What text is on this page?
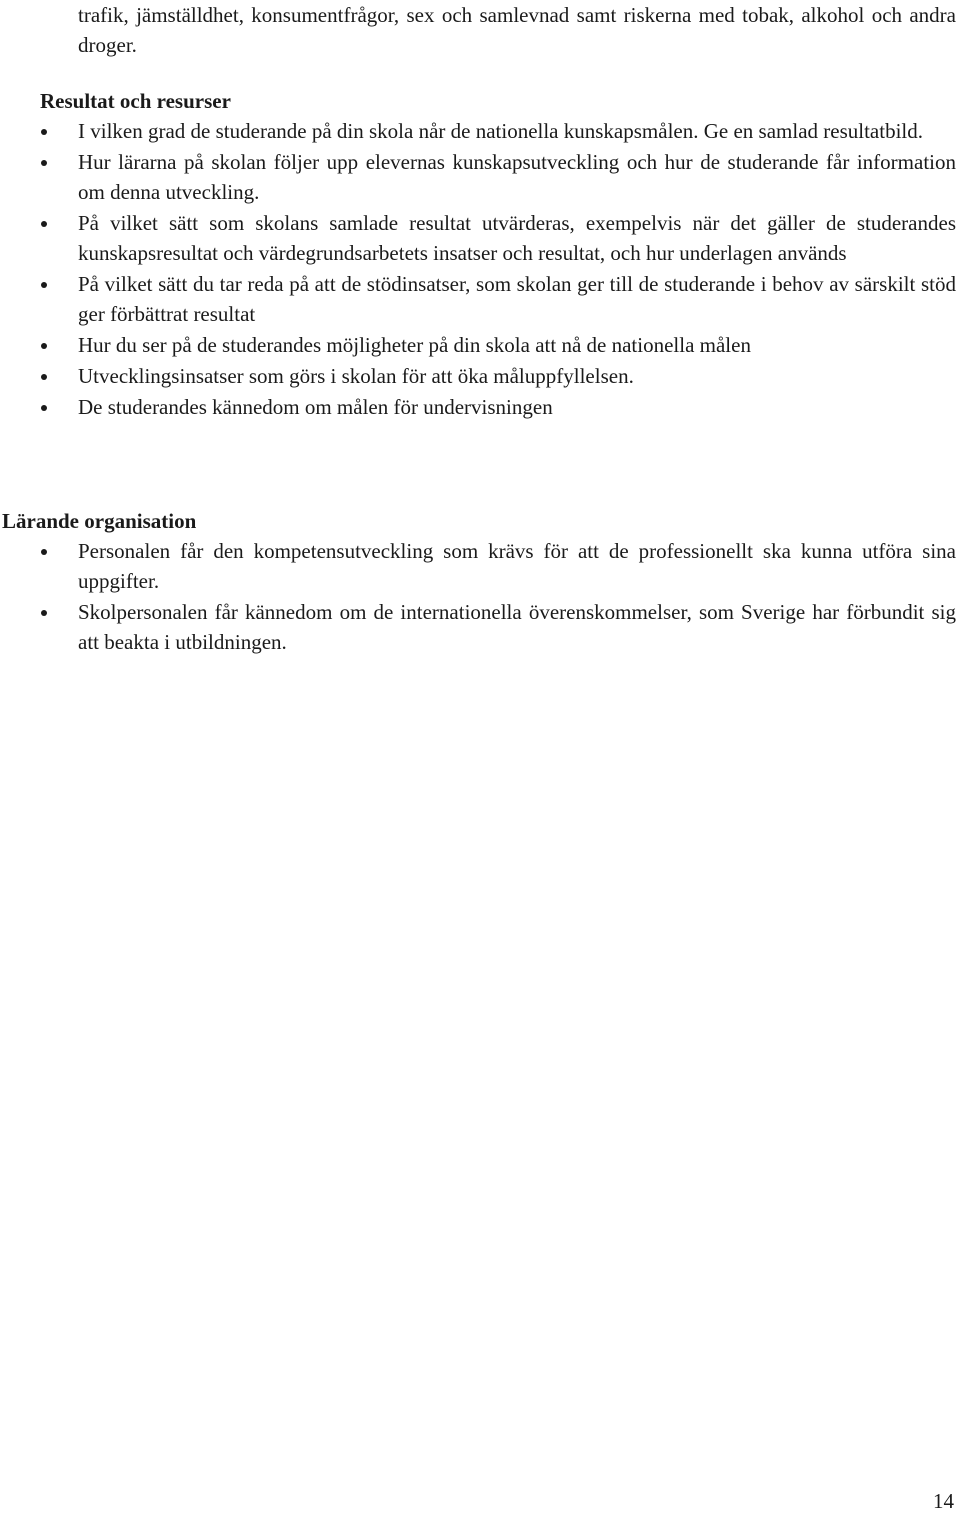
trafik, jämställdhet, konsumentfrågor, sex och samlevnad samt riskerna med tobak, alkohol och andra droger.

Resultat och resurser
I vilken grad de studerande på din skola når de nationella kunskapsmålen. Ge en samlad resultatbild.
Hur lärarna på skolan följer upp elevernas kunskapsutveckling och hur de studerande får information om denna utveckling.
På vilket sätt som skolans samlade resultat utvärderas, exempelvis när det gäller de studerandes kunskapsresultat och värdegrundsarbetets insatser och resultat, och hur underlagen används
På vilket sätt du tar reda på att de stödinsatser, som skolan ger till de studerande i behov av särskilt stöd ger förbättrat resultat
Hur du ser på de studerandes möjligheter på din skola att nå de nationella målen
Utvecklingsinsatser som görs i skolan för att öka måluppfyllelsen.
De studerandes kännedom om målen för undervisningen
Lärande organisation
Personalen får den kompetensutveckling som krävs för att de professionellt ska kunna utföra sina uppgifter.
Skolpersonalen får kännedom om de internationella överenskommelser, som Sverige har förbundit sig att beakta i utbildningen.

14
